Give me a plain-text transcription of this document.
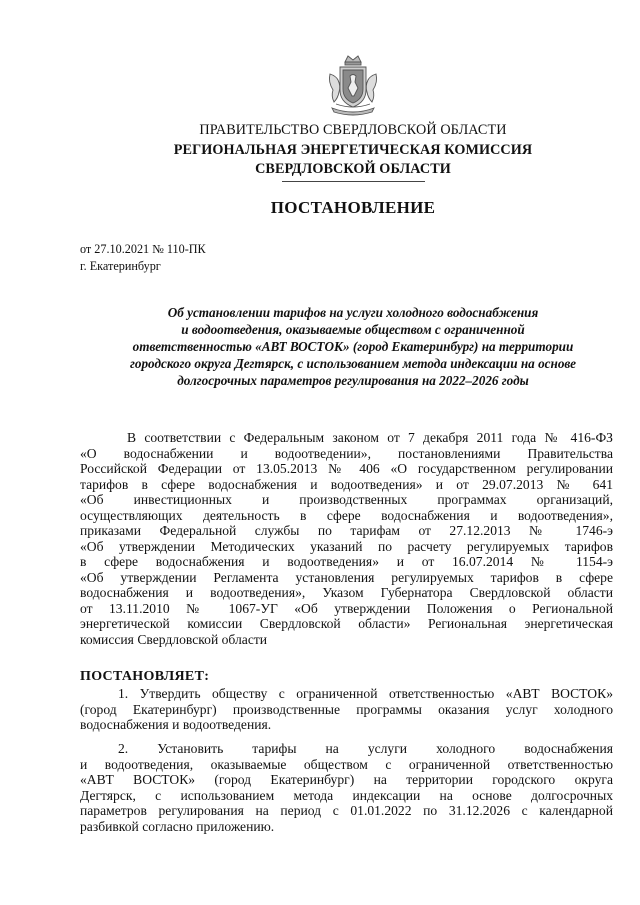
ПРАВИТЕЛЬСТВО СВЕРДЛОВСКОЙ ОБЛАСТИ
РЕГИОНАЛЬНАЯ ЭНЕРГЕТИЧЕСКАЯ КОМИССИЯ
СВЕРДЛОВСКОЙ ОБЛАСТИ
ПОСТАНОВЛЕНИЕ
от 27.10.2021 № 110-ПК
г. Екатеринбург
Об установлении тарифов на услуги холодного водоснабжения
и водоотведения, оказываемые обществом с ограниченной
ответственностью «АВТ ВОСТОК» (город Екатеринбург) на территории
городского округа Дегтярск, с использованием метода индексации на основе
долгосрочных параметров регулирования на 2022–2026 годы
В соответствии с Федеральным законом от 7 декабря 2011 года № 416-ФЗ
«О водоснабжении и водоотведении», постановлениями Правительства
Российской Федерации от 13.05.2013 № 406 «О государственном регулировании
тарифов в сфере водоснабжения и водоотведения» и от 29.07.2013 № 641
«Об инвестиционных и производственных программах организаций,
осуществляющих деятельность в сфере водоснабжения и водоотведения»,
приказами Федеральной службы по тарифам от 27.12.2013 № 1746-э
«Об утверждении Методических указаний по расчету регулируемых тарифов
в сфере водоснабжения и водоотведения» и от 16.07.2014 № 1154-э
«Об утверждении Регламента установления регулируемых тарифов в сфере
водоснабжения и водоотведения», Указом Губернатора Свердловской области
от 13.11.2010 № 1067-УГ «Об утверждении Положения о Региональной
энергетической комиссии Свердловской области» Региональная энергетическая
комиссия Свердловской области
ПОСТАНОВЛЯЕТ:
1. Утвердить обществу с ограниченной ответственностью «АВТ ВОСТОК»
(город Екатеринбург) производственные программы оказания услуг холодного
водоснабжения и водоотведения.
2. Установить тарифы на услуги холодного водоснабжения
и водоотведения, оказываемые обществом с ограниченной ответственностью
«АВТ ВОСТОК» (город Екатеринбург) на территории городского округа
Дегтярск, с использованием метода индексации на основе долгосрочных
параметров регулирования на период с 01.01.2022 по 31.12.2026 с календарной
разбивкой согласно приложению.
